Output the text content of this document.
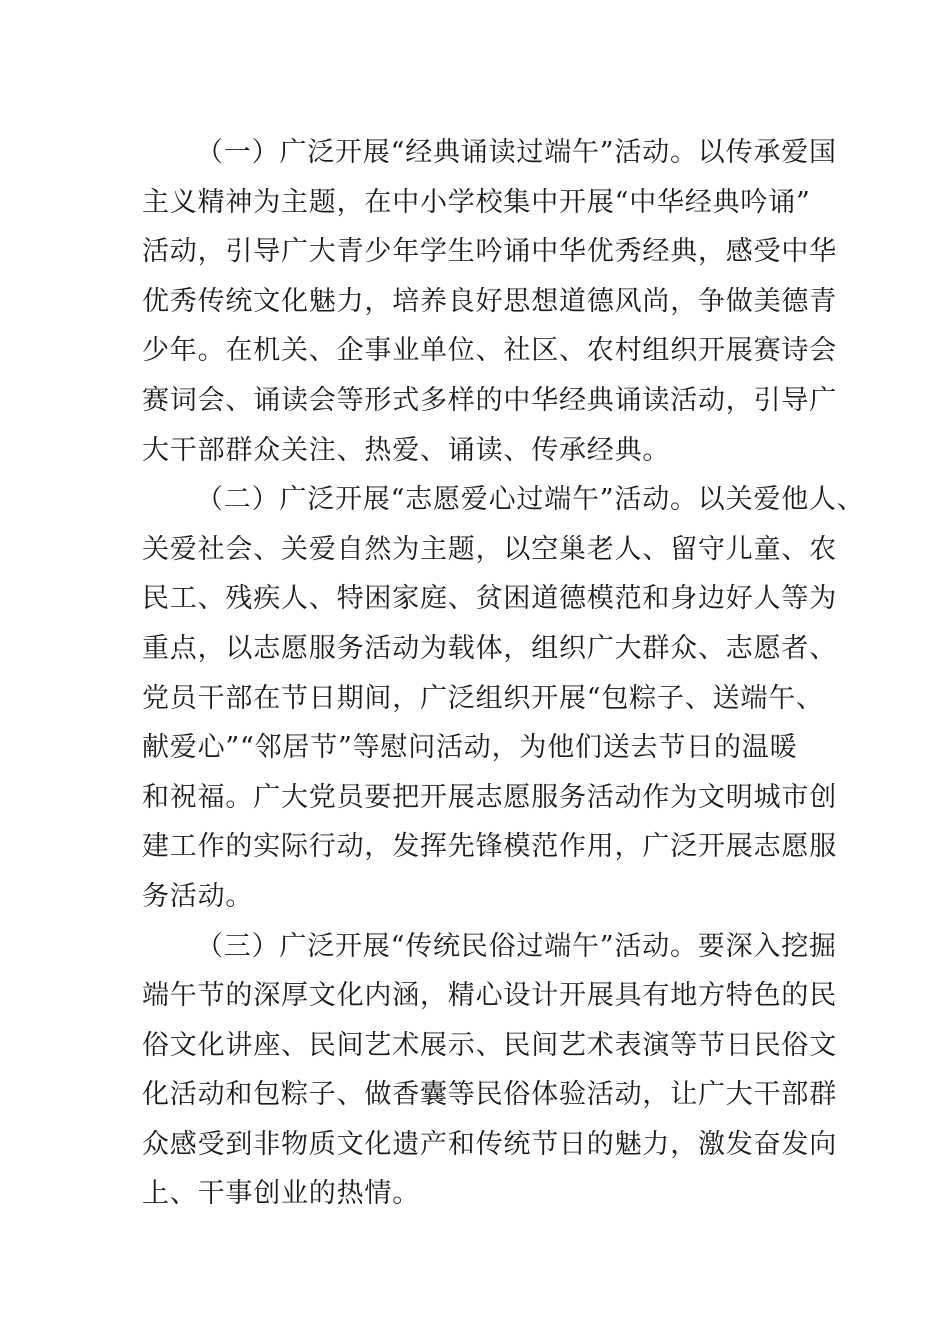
（一）广泛开展“经典诵读过端午”活动。以传承爱国
主义精神为主题，在中小学校集中开展“中华经典吟诵”
活动，引导广大青少年学生吟诵中华优秀经典，感受中华
优秀传统文化魅力，培养良好思想道德风尚，争做美德青
少年。在机关、企事业单位、社区、农村组织开展赛诗会
赛词会、诵读会等形式多样的中华经典诵读活动，引导广
大干部群众关注、热爱、诵读、传承经典。
（二）广泛开展“志愿爱心过端午”活动。以关爱他人、
关爱社会、关爱自然为主题，以空巢老人、留守儿童、农
民工、残疾人、特困家庭、贫困道德模范和身边好人等为
重点，以志愿服务活动为载体，组织广大群众、志愿者、
党员干部在节日期间，广泛组织开展“包粽子、送端午、
献爱心”“邻居节”等慰问活动，为他们送去节日的温暖
和祝福。广大党员要把开展志愿服务活动作为文明城市创
建工作的实际行动，发挥先锋模范作用，广泛开展志愿服
务活动。
（三）广泛开展“传统民俗过端午”活动。要深入挖掘
端午节的深厚文化内涵，精心设计开展具有地方特色的民
俗文化讲座、民间艺术展示、民间艺术表演等节日民俗文
化活动和包粽子、做香囊等民俗体验活动，让广大干部群
众感受到非物质文化遗产和传统节日的魅力，激发奋发向
上、干事创业的热情。
